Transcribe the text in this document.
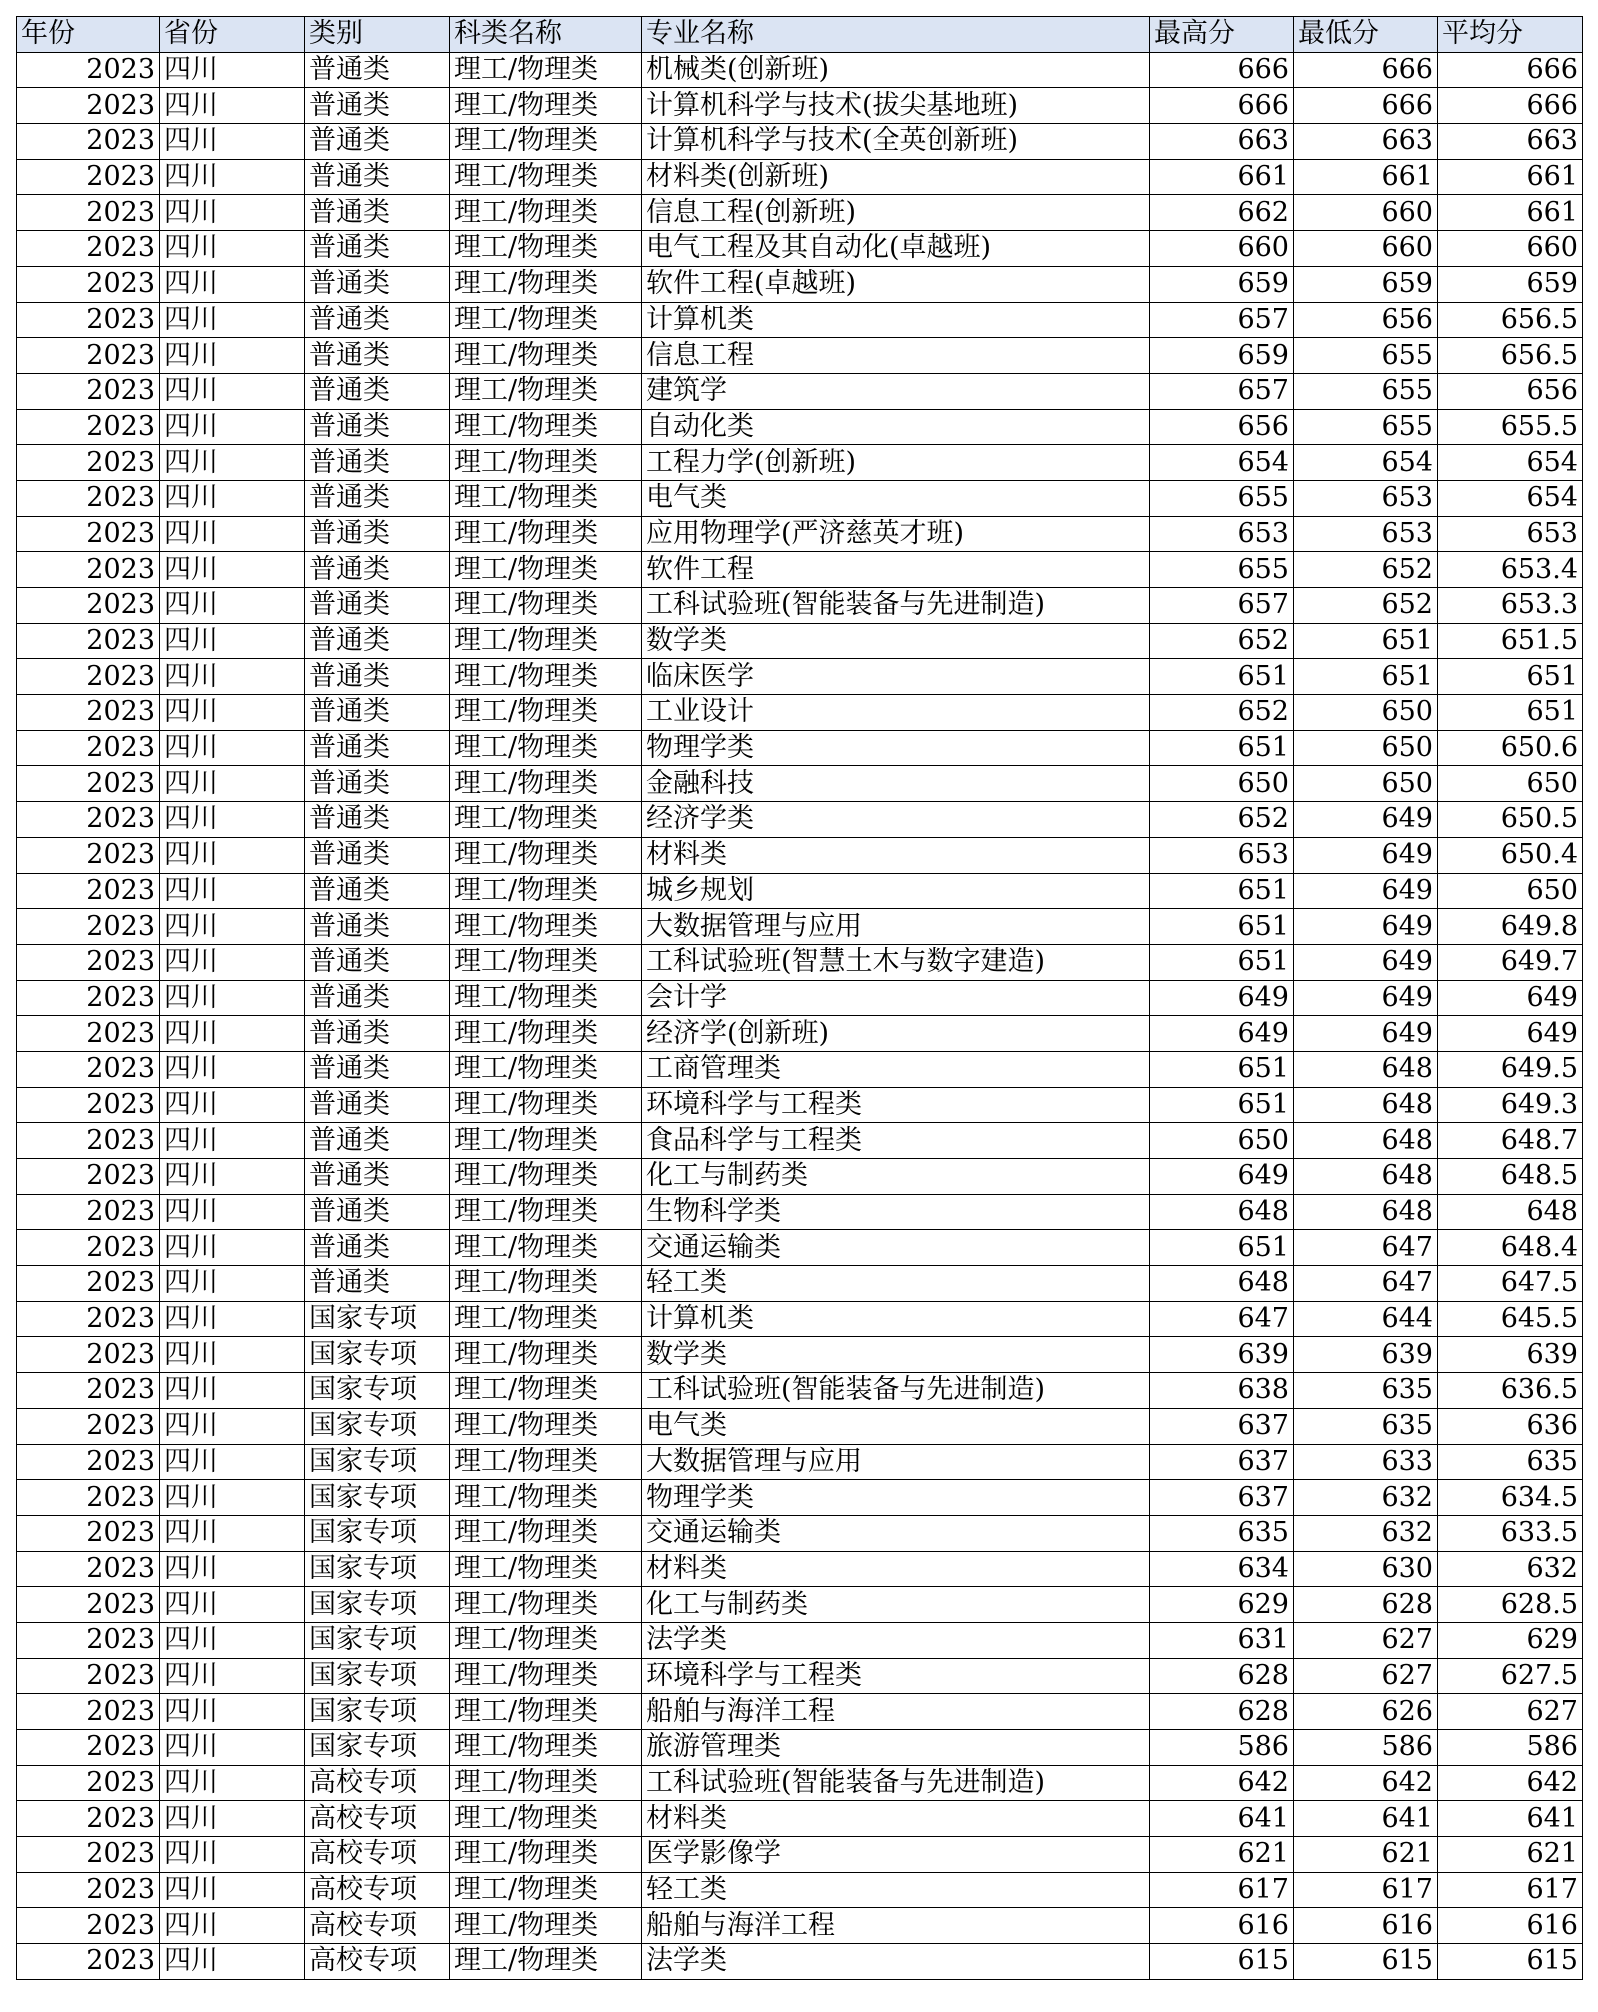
年份	省份	类别	科类名称	专业名称	最高分	最低分	平均分
2023	四川	普通类	理工/物理类	机械类(创新班)	666	666	666
2023	四川	普通类	理工/物理类	计算机科学与技术(拔尖基地班)	666	666	666
2023	四川	普通类	理工/物理类	计算机科学与技术(全英创新班)	663	663	663
2023	四川	普通类	理工/物理类	材料类(创新班)	661	661	661
2023	四川	普通类	理工/物理类	信息工程(创新班)	662	660	661
2023	四川	普通类	理工/物理类	电气工程及其自动化(卓越班)	660	660	660
2023	四川	普通类	理工/物理类	软件工程(卓越班)	659	659	659
2023	四川	普通类	理工/物理类	计算机类	657	656	656.5
2023	四川	普通类	理工/物理类	信息工程	659	655	656.5
2023	四川	普通类	理工/物理类	建筑学	657	655	656
2023	四川	普通类	理工/物理类	自动化类	656	655	655.5
2023	四川	普通类	理工/物理类	工程力学(创新班)	654	654	654
2023	四川	普通类	理工/物理类	电气类	655	653	654
2023	四川	普通类	理工/物理类	应用物理学(严济慈英才班)	653	653	653
2023	四川	普通类	理工/物理类	软件工程	655	652	653.4
2023	四川	普通类	理工/物理类	工科试验班(智能装备与先进制造)	657	652	653.3
2023	四川	普通类	理工/物理类	数学类	652	651	651.5
2023	四川	普通类	理工/物理类	临床医学	651	651	651
2023	四川	普通类	理工/物理类	工业设计	652	650	651
2023	四川	普通类	理工/物理类	物理学类	651	650	650.6
2023	四川	普通类	理工/物理类	金融科技	650	650	650
2023	四川	普通类	理工/物理类	经济学类	652	649	650.5
2023	四川	普通类	理工/物理类	材料类	653	649	650.4
2023	四川	普通类	理工/物理类	城乡规划	651	649	650
2023	四川	普通类	理工/物理类	大数据管理与应用	651	649	649.8
2023	四川	普通类	理工/物理类	工科试验班(智慧土木与数字建造)	651	649	649.7
2023	四川	普通类	理工/物理类	会计学	649	649	649
2023	四川	普通类	理工/物理类	经济学(创新班)	649	649	649
2023	四川	普通类	理工/物理类	工商管理类	651	648	649.5
2023	四川	普通类	理工/物理类	环境科学与工程类	651	648	649.3
2023	四川	普通类	理工/物理类	食品科学与工程类	650	648	648.7
2023	四川	普通类	理工/物理类	化工与制药类	649	648	648.5
2023	四川	普通类	理工/物理类	生物科学类	648	648	648
2023	四川	普通类	理工/物理类	交通运输类	651	647	648.4
2023	四川	普通类	理工/物理类	轻工类	648	647	647.5
2023	四川	国家专项	理工/物理类	计算机类	647	644	645.5
2023	四川	国家专项	理工/物理类	数学类	639	639	639
2023	四川	国家专项	理工/物理类	工科试验班(智能装备与先进制造)	638	635	636.5
2023	四川	国家专项	理工/物理类	电气类	637	635	636
2023	四川	国家专项	理工/物理类	大数据管理与应用	637	633	635
2023	四川	国家专项	理工/物理类	物理学类	637	632	634.5
2023	四川	国家专项	理工/物理类	交通运输类	635	632	633.5
2023	四川	国家专项	理工/物理类	材料类	634	630	632
2023	四川	国家专项	理工/物理类	化工与制药类	629	628	628.5
2023	四川	国家专项	理工/物理类	法学类	631	627	629
2023	四川	国家专项	理工/物理类	环境科学与工程类	628	627	627.5
2023	四川	国家专项	理工/物理类	船舶与海洋工程	628	626	627
2023	四川	国家专项	理工/物理类	旅游管理类	586	586	586
2023	四川	高校专项	理工/物理类	工科试验班(智能装备与先进制造)	642	642	642
2023	四川	高校专项	理工/物理类	材料类	641	641	641
2023	四川	高校专项	理工/物理类	医学影像学	621	621	621
2023	四川	高校专项	理工/物理类	轻工类	617	617	617
2023	四川	高校专项	理工/物理类	船舶与海洋工程	616	616	616
2023	四川	高校专项	理工/物理类	法学类	615	615	615
